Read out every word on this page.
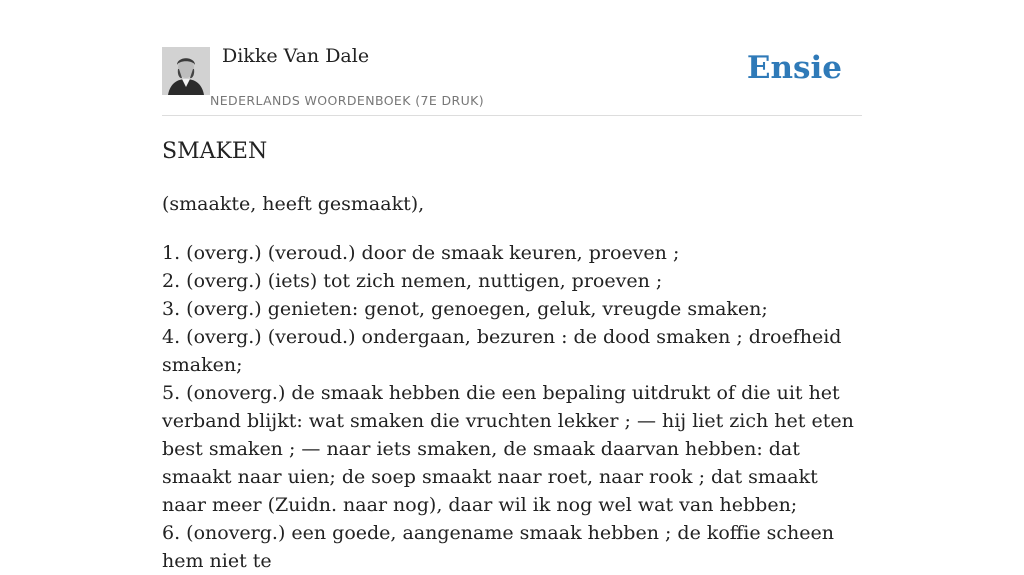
Dikke Van Dale
NEDERLANDS WOORDENBOEK (7E DRUK)
Ensie
SMAKEN
(smaakte, heeft gesmaakt),

1. (overg.) (veroud.) door de smaak keuren, proeven ;

2. (overg.) (iets) tot zich nemen, nuttigen, proeven ;

3. (overg.) genieten: genot, genoegen, geluk, vreugde smaken;

4. (overg.) (veroud.) ondergaan, bezuren : de dood smaken ; droefheid smaken;

5. (onoverg.) de smaak hebben die een bepaling uitdrukt of die uit het verband blijkt: wat smaken die vruchten lekker ; — hij liet zich het eten best smaken ; — naar iets smaken, de smaak daarvan hebben: dat smaakt naar uien; de soep smaakt naar roet, naar rook ; dat smaakt naar meer (Zuidn. naar nog), daar wil ik nog wel wat van hebben;

6. (onoverg.) een goede, aangename smaak hebben ; de koffie scheen hem niet te
